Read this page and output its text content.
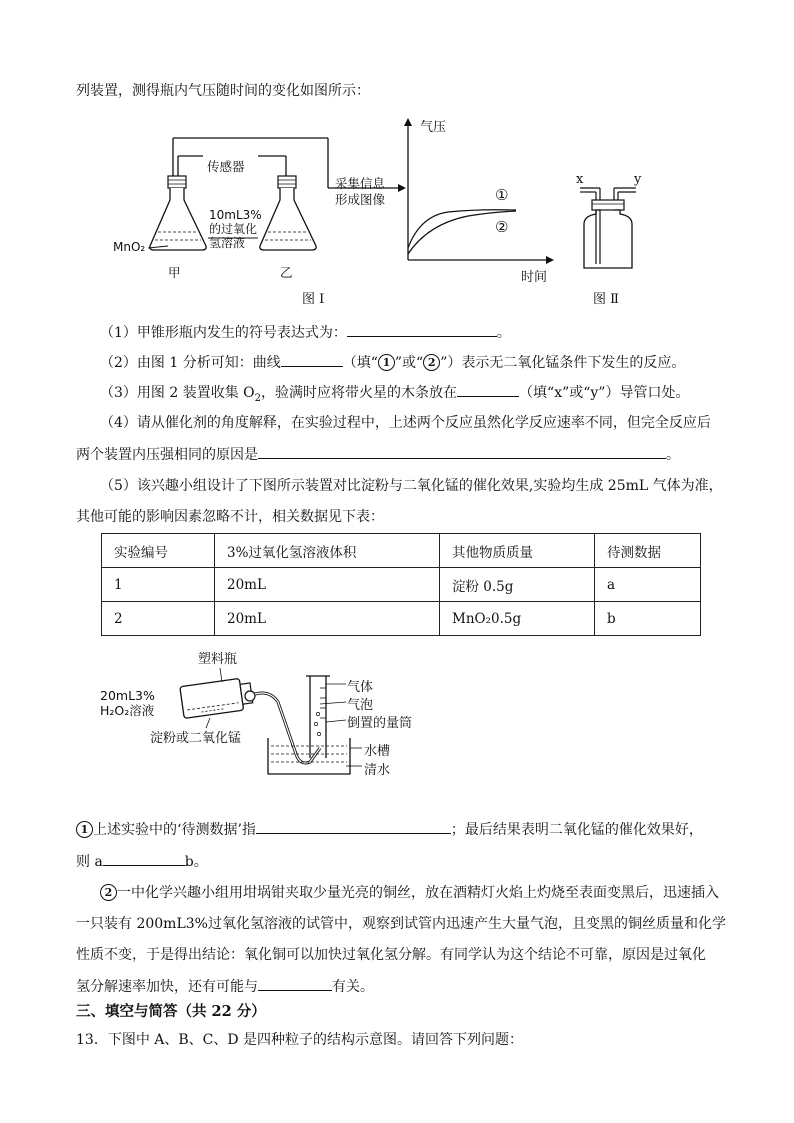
列装置，测得瓶内气压随时间的变化如图所示：
传感器
采集信息
形成图像
10mL3%
的过氧化
氢溶液
MnO₂
甲	乙
气压
时间
①
②
图 Ⅰ
x	y
图 Ⅱ
（1）甲锥形瓶内发生的符号表达式为：	。
（2）由图 1 分析可知：曲线	（填“ 1 ”或“ 2 ”）表示无二氧化锰条件下发生的反应。
（3）用图 2 装置收集 $O_2$，验满时应将带火星的木条放在	（填“x”或“y”）导管口处。
（4）请从催化剂的角度解释，在实验过程中，上述两个反应虽然化学反应速率不同，但完全反应后
两个装置内压强相同的原因是	。
（5）该兴趣小组设计了下图所示装置对比淀粉与二氧化锰的催化效果,实验均生成 25mL 气体为准，
其他可能的影响因素忽略不计，相关数据见下表：
实验编号	3%过氧化氢溶液体积	其他物质质量	待测数据
1	20mL	淀粉 0.5g	a
2	20mL	MnO₂0.5g	b
塑料瓶
20mL3%
H₂O₂溶液
淀粉或二氧化锰
气体
气泡
倒置的量筒
水槽
清水
1 上述实验中的‘待测数据’指	；最后结果表明二氧化锰的催化效果好，
则 a	b。
2 一中化学兴趣小组用坩埚钳夹取少量光亮的铜丝，放在酒精灯火焰上灼烧至表面变黑后，迅速插入
一只装有 200mL3%过氧化氢溶液的试管中，观察到试管内迅速产生大量气泡，且变黑的铜丝质量和化学
性质不变，于是得出结论：氧化铜可以加快过氧化氢分解。有同学认为这个结论不可靠，原因是过氧化
氢分解速率加快，还有可能与	有关。
三、填空与简答（共 22 分）
13．下图中 A、B、C、D 是四种粒子的结构示意图。请回答下列问题：
